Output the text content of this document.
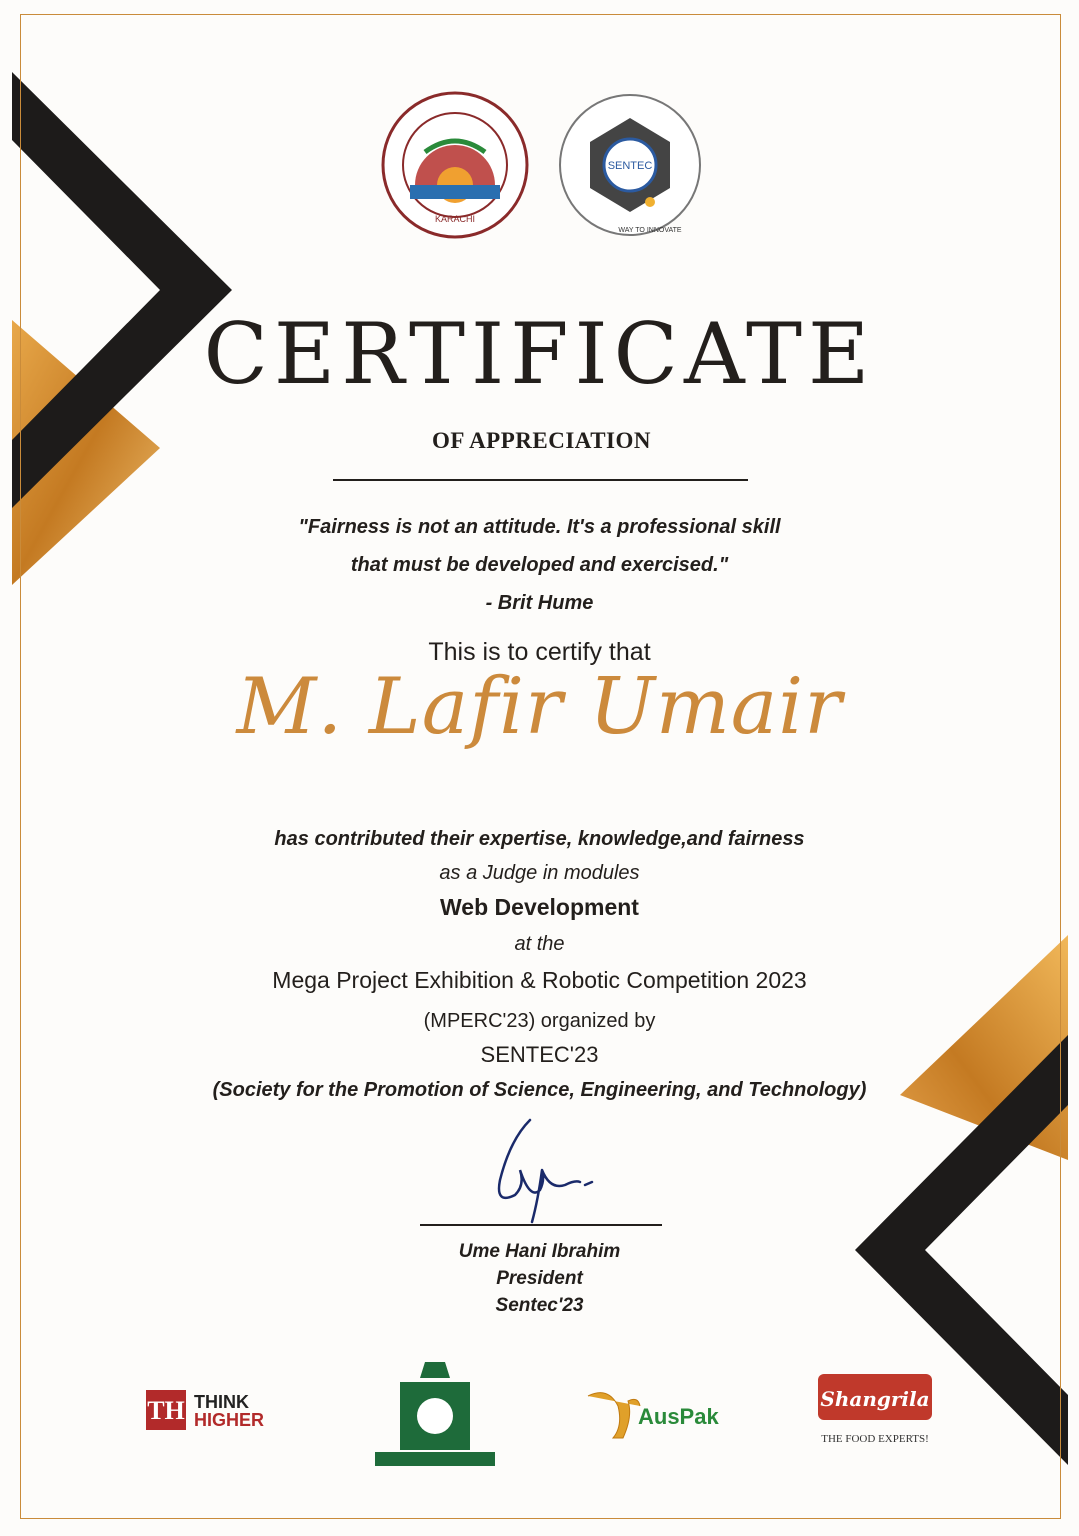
KARACHI
SENTEC
WAY TO INNOVATE
CERTIFICATE
OF APPRECIATION
"Fairness is not an attitude. It's a professional skill
that must be developed and exercised."
- Brit Hume
This is to certify that
M. Lafir Umair
has contributed their expertise, knowledge,and fairness
as a Judge in modules
Web Development
at the
Mega Project Exhibition & Robotic Competition 2023
(MPERC'23) organized by
SENTEC'23
(Society for the Promotion of Science, Engineering, and Technology)
Ume Hani Ibrahim
President
Sentec'23
TH THINK
HIGHER	AusPak
Shangrila
THE FOOD EXPERTS!
